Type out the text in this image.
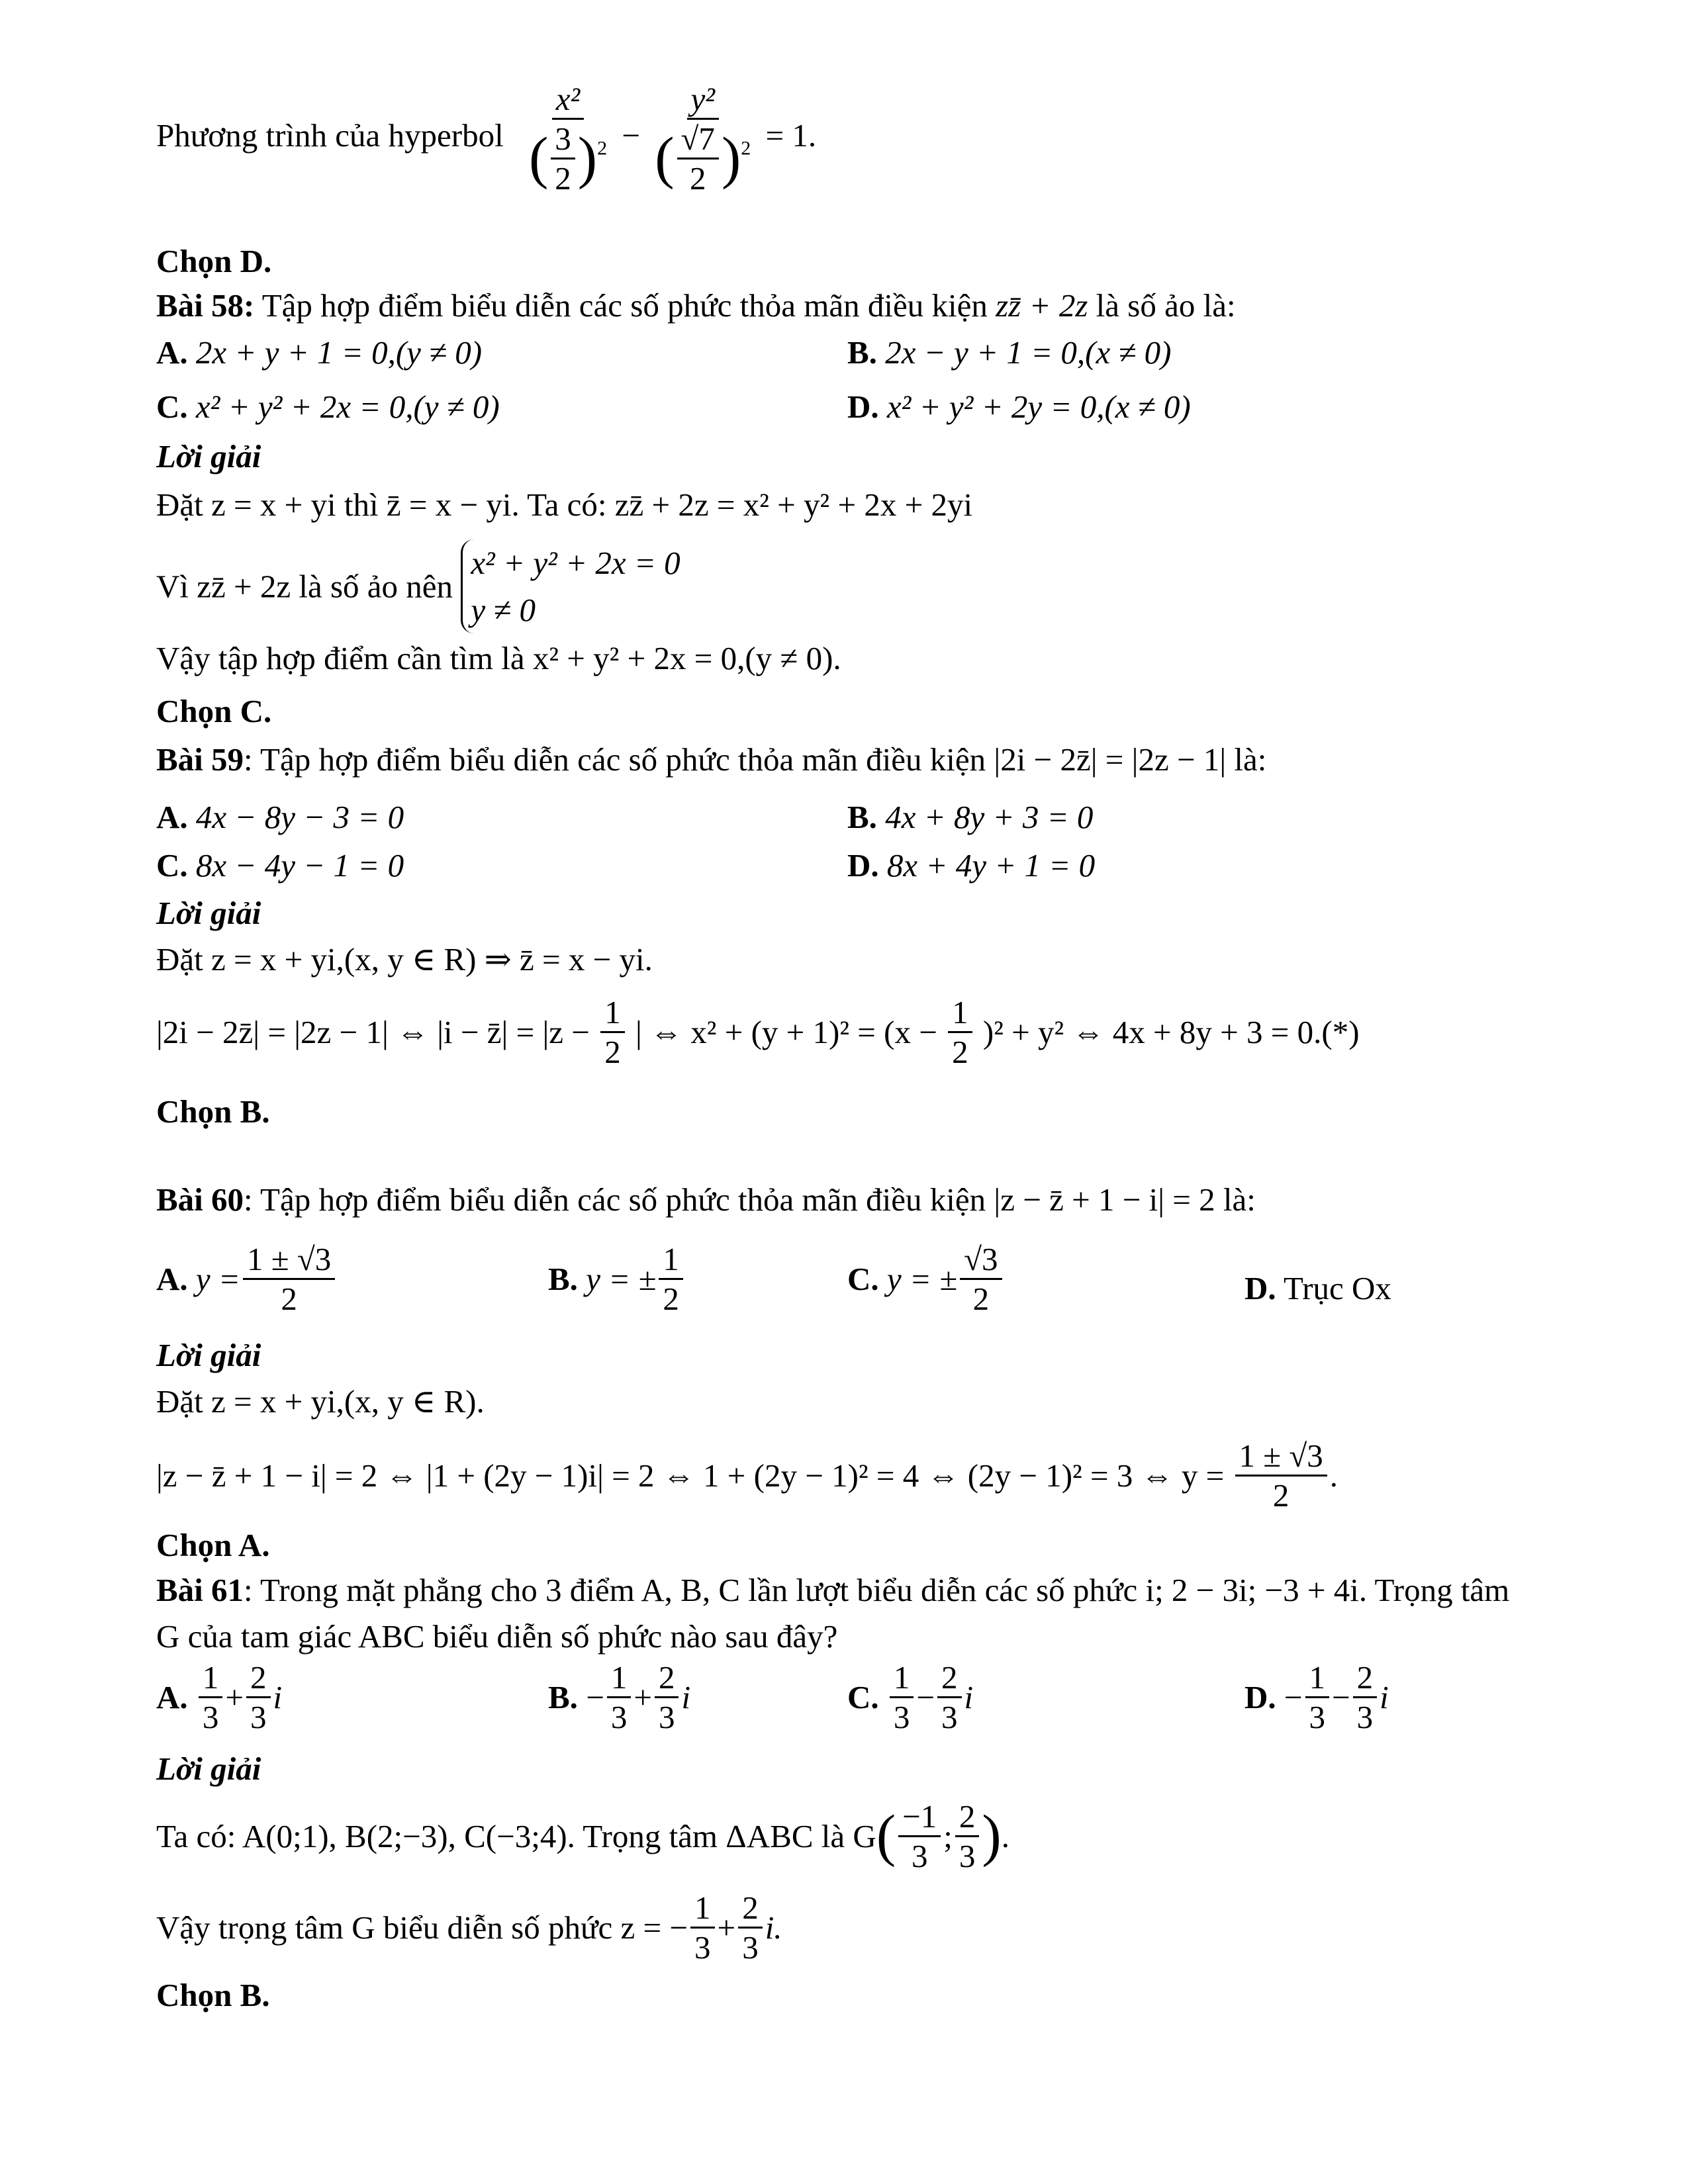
Phương trình của hyperbol $\frac{\text{x²}}{( \frac{3}{2} )^2} - \frac{\text{y²}}{( \frac{√7}{2} )^2} = 1$.
Chọn D.
Bài 58: Tập hợp điểm biểu diễn các số phức thỏa mãn điều kiện zz̄ + 2z là số ảo là:
A. 2x + y + 1 = 0,(y ≠ 0)	B. 2x − y + 1 = 0,(x ≠ 0)
C. x² + y² + 2x = 0,(y ≠ 0)	D. x² + y² + 2y = 0,(x ≠ 0)
Lời giải
Đặt z = x + yi thì z̄ = x − yi. Ta có: zz̄ + 2z = x² + y² + 2x + 2yi
Vì zz̄ + 2z là số ảo nên
x² + y² + 2x = 0
y ≠ 0
Vậy tập hợp điểm cần tìm là x² + y² + 2x = 0,(y ≠ 0).
Chọn C.
Bài 59: Tập hợp điểm biểu diễn các số phức thỏa mãn điều kiện |2i − 2z̄| = |2z − 1| là:
A. 4x − 8y − 3 = 0	B. 4x + 8y + 3 = 0
C. 8x − 4y − 1 = 0	D. 8x + 4y + 1 = 0
Lời giải
Đặt z = x + yi,(x, y ∈ R) ⇒ z̄ = x − yi.
|2i − 2z̄| = |2z − 1| ⇔ |i − z̄| = $|z - \frac{1}{2}$ | ⇔ $x^2 + (y + 1)^2 = (x - \frac{1}{2} )^2 + y^2$ ⇔ 4x + 8y + 3 = 0.(*)
Chọn B.
Bài 60: Tập hợp điểm biểu diễn các số phức thỏa mãn điều kiện |z − z̄ + 1 − i| = 2 là:
A. $y = \frac{1 \pm √3}{2}$	B. y = ± $\frac{1}{2}$	C. y = ± $\frac{√3}{2}$	D. Trục Ox
Lời giải
Đặt z = x + yi,(x, y ∈ R).
|z − z̄ + 1 − i| = 2 ⇔ |1 + (2y − 1)i| = 2 ⇔ 1 + (2y − 1)² = 4 ⇔ (2y − 1)² = 3 ⇔ $y = \frac{1 \pm √3}{2}$ .
Chọn A.
Bài 61: Trong mặt phẳng cho 3 điểm A, B, C lần lượt biểu diễn các số phức i; 2 − 3i; −3 + 4i. Trọng tâm
G của tam giác ABC biểu diễn số phức nào sau đây?
A. $\frac{1}{3} + \frac{2}{3}$ i	B. − $\frac{1}{3} + \frac{2}{3}$ i	C. $\frac{1}{3} - \frac{2}{3}$ i	D. − $\frac{1}{3} - \frac{2}{3}$ i
Lời giải
Ta có: A(0;1), B(2;−3), C(−3;4). Trọng tâm ΔABC là $G( \frac{-1}{3}$ ; $\frac{2}{3}$ ).
Vậy trọng tâm G biểu diễn số phức z = − $\frac{1}{3} + \frac{2}{3} i$.
Chọn B.
